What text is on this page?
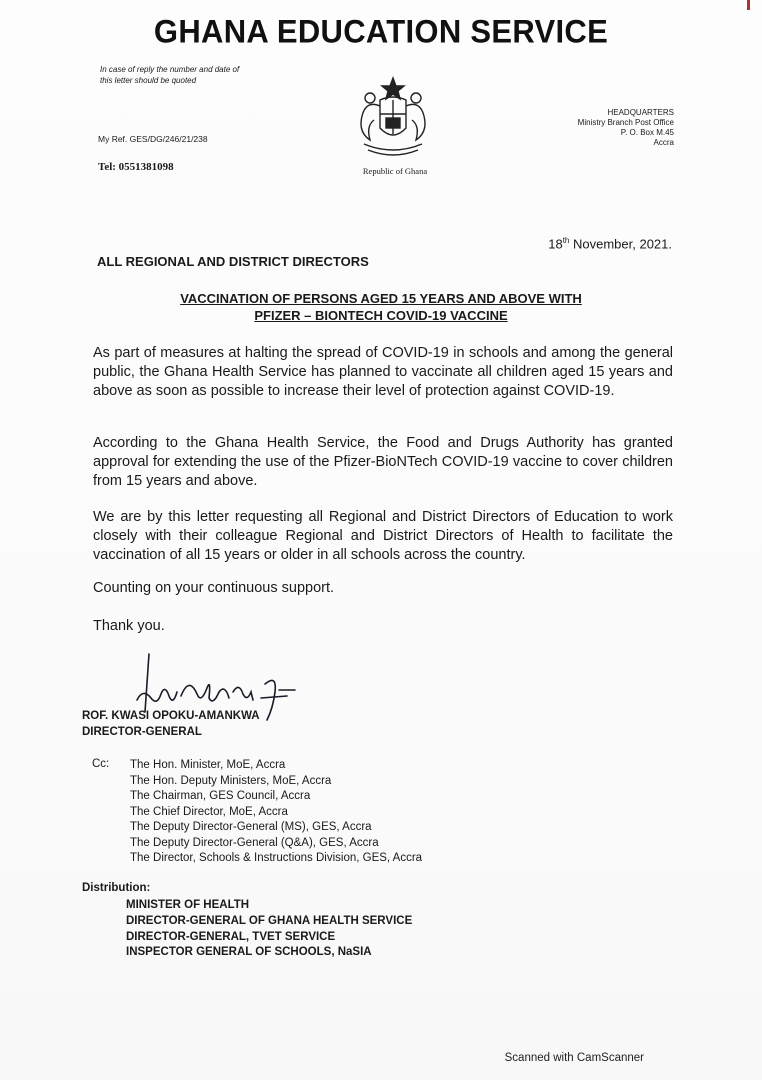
GHANA EDUCATION SERVICE
In case of reply the number and date of this letter should be quoted
My Ref. GES/DG/246/21/238
Tel: 0551381098	Republic of Ghana
HEADQUARTERS
Ministry Branch Post Office
P. O. Box M.45
Accra
18th November, 2021.
ALL REGIONAL AND DISTRICT DIRECTORS
VACCINATION OF PERSONS AGED 15 YEARS AND ABOVE WITH
PFIZER – BIONTECH COVID-19 VACCINE
As part of measures at halting the spread of COVID-19 in schools and among the general public, the Ghana Health Service has planned to vaccinate all children aged 15 years and above as soon as possible to increase their level of protection against COVID-19.
According to the Ghana Health Service, the Food and Drugs Authority has granted approval for extending the use of the Pfizer-BioNTech COVID-19 vaccine to cover children from 15 years and above.
We are by this letter requesting all Regional and District Directors of Education to work closely with their colleague Regional and District Directors of Health to facilitate the vaccination of all 15 years or older in all schools across the country.
Counting on your continuous support.
Thank you.
ROF. KWASI OPOKU-AMANKWA
DIRECTOR-GENERAL
Cc: The Hon. Minister, MoE, Accra
The Hon. Deputy Ministers, MoE, Accra
The Chairman, GES Council, Accra
The Chief Director, MoE, Accra
The Deputy Director-General (MS), GES, Accra
The Deputy Director-General (Q&A), GES, Accra
The Director, Schools & Instructions Division, GES, Accra
Distribution:
MINISTER OF HEALTH
DIRECTOR-GENERAL OF GHANA HEALTH SERVICE
DIRECTOR-GENERAL, TVET SERVICE
INSPECTOR GENERAL OF SCHOOLS, NaSIA
Scanned with CamScanner
